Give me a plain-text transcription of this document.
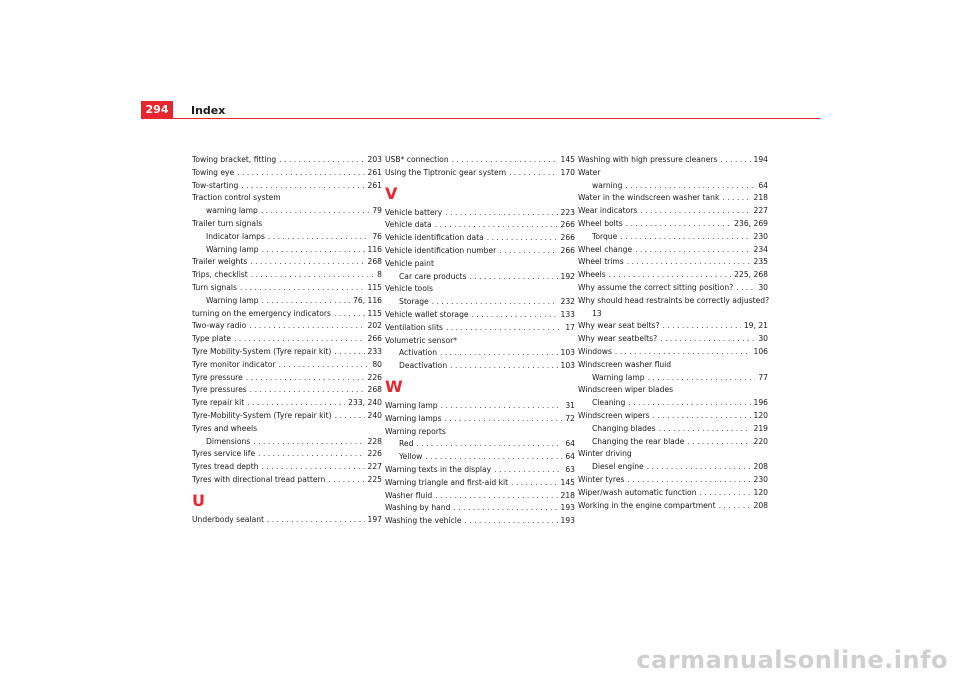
294	Index
Towing bracket, fitting . . .	203
Towing eye . . .	261
Tow-starting . . .	261
Traction control system
warning lamp . . .	79
Trailer turn signals
Indicator lamps . . .	76
Warning lamp . . .	116
Trailer weights . . .	268
Trips, checklist . . .	8
Turn signals . . .	115
Warning lamp . . .	76, 116
turning on the emergency indicators . . .	115
Two-way radio . . .	202
Type plate . . .	266
Tyre Mobility-System (Tyre repair kit) . . .	233
Tyre monitor indicator . . .	80
Tyre pressure . . .	226
Tyre pressures . . .	268
Tyre repair kit . . .	233, 240
Tyre-Mobility-System (Tyre repair kit) . . .	240
Tyres and wheels
Dimensions . . .	228
Tyres service life . . .	226
Tyres tread depth . . .	227
Tyres with directional tread pattern . . .	225
U
Underbody sealant . . .	197
USB* connection . . .	145
Using the Tiptronic gear system . . .	170
V
Vehicle battery . . .	223
Vehicle data . . .	266
Vehicle identification data . . .	266
Vehicle identification number . . .	266
Vehicle paint
Car care products . . .	192
Vehicle tools
Storage . . .	232
Vehicle wallet storage . . .	133
Ventilation slits . . .	17
Volumetric sensor*
Activation . . .	103
Deactivation . . .	103
W
Warning lamp . . .	31
Warning lamps . . .	72
Warning reports
Red . . .	64
Yellow . . .	64
Warning texts in the display . . .	63
Warning triangle and first-aid kit . . .	145
Washer fluid . . .	218
Washing by hand . . .	193
Washing the vehicle . . .	193
Washing with high pressure cleaners . . .	194
Water
warning . . .	64
Water in the windscreen washer tank . . .	218
Wear indicators . . .	227
Wheel bolts . . .	236, 269
Torque . . .	230
Wheel change . . .	234
Wheel trims . . .	235
Wheels . . .	225, 268
Why assume the correct sitting position? . . .	30
Why should head restraints be correctly adjusted?
13
Why wear seat belts? . . .	19, 21
Why wear seatbelts? . . .	30
Windows . . .	106
Windscreen washer fluid
Warning lamp . . .	77
Windscreen wiper blades
Cleaning . . .	196
Windscreen wipers . . .	120
Changing blades . . .	219
Changing the rear blade . . .	220
Winter driving
Diesel engine . . .	208
Winter tyres . . .	230
Wiper/wash automatic function . . .	120
Working in the engine compartment . . .	208
carmanualsonline.info
